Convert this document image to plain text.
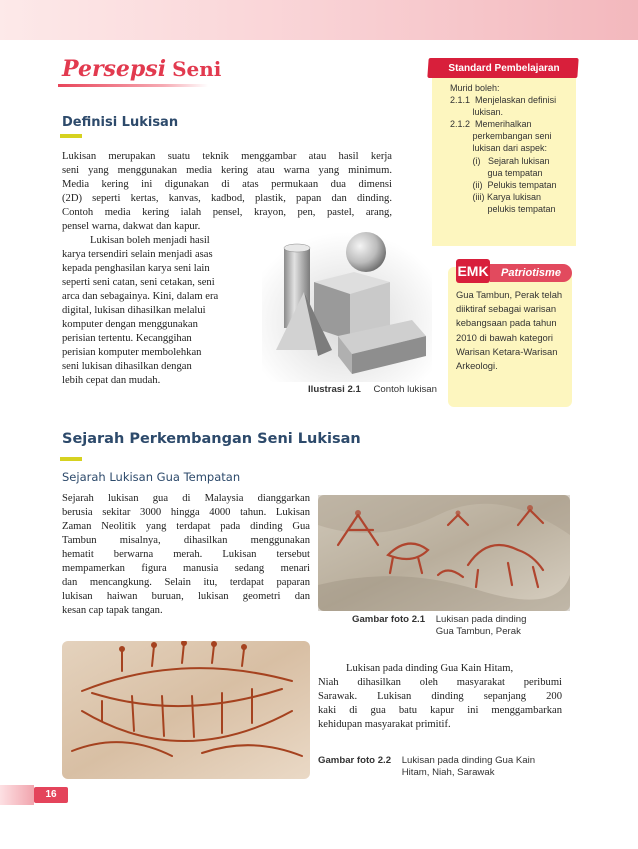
Persepsi Seni	Standard Pembelajaran
Murid boleh:
2.1.1  Menjelaskan definisi
lukisan.
2.1.2  Memerihalkan
perkembangan seni
lukisan dari aspek:
(i)   Sejarah lukisan
gua tempatan
(ii)  Pelukis tempatan
(iii) Karya lukisan
pelukis tempatan
Definisi Lukisan
Lukisan merupakan suatu teknik menggambar atau hasil kerja
seni yang menggunakan media kering atau warna yang minimum.
Media kering ini digunakan di atas permukaan dua dimensi
(2D) seperti kertas, kanvas, kadbod, plastik, papan dan dinding.
Contoh media kering ialah pensel, krayon, pen, pastel, arang,
pensel warna, dakwat dan kapur.
Lukisan boleh menjadi hasil
karya tersendiri selain menjadi asas
kepada penghasilan karya seni lain
seperti seni catan, seni cetakan, seni
arca dan sebagainya. Kini, dalam era
digital, lukisan dihasilkan melalui
komputer dengan menggunakan
perisian tertentu. Kecanggihan
perisian komputer membolehkan
seni lukisan dihasilkan dengan
lebih cepat dan mudah.
Ilustrasi 2.1 Contoh lukisan
Patriotisme
EMK
Gua Tambun, Perak telah
diiktiraf sebagai warisan
kebangsaan pada tahun
2010 di bawah kategori
Warisan Ketara-Warisan
Arkeologi.
Sejarah Perkembangan Seni Lukisan
Sejarah Lukisan Gua Tempatan
Sejarah lukisan gua di Malaysia dianggarkan
berusia sekitar 3000 hingga 4000 tahun. Lukisan
Zaman Neolitik yang terdapat pada dinding Gua
Tambun misalnya, dihasilkan menggunakan
hematit berwarna merah. Lukisan tersebut
mempamerkan figura manusia sedang menari
dan mencangkung. Selain itu, terdapat paparan
lukisan haiwan buruan, lukisan geometri dan
kesan cap tapak tangan.
Gambar foto 2.1 Lukisan pada dinding
Gua Tambun, Perak
Lukisan pada dinding Gua Kain Hitam,
Niah dihasilkan oleh masyarakat peribumi
Sarawak. Lukisan dinding sepanjang 200
kaki di gua batu kapur ini menggambarkan
kehidupan masyarakat primitif.
Gambar foto 2.2 Lukisan pada dinding Gua Kain
Hitam, Niah, Sarawak
16
